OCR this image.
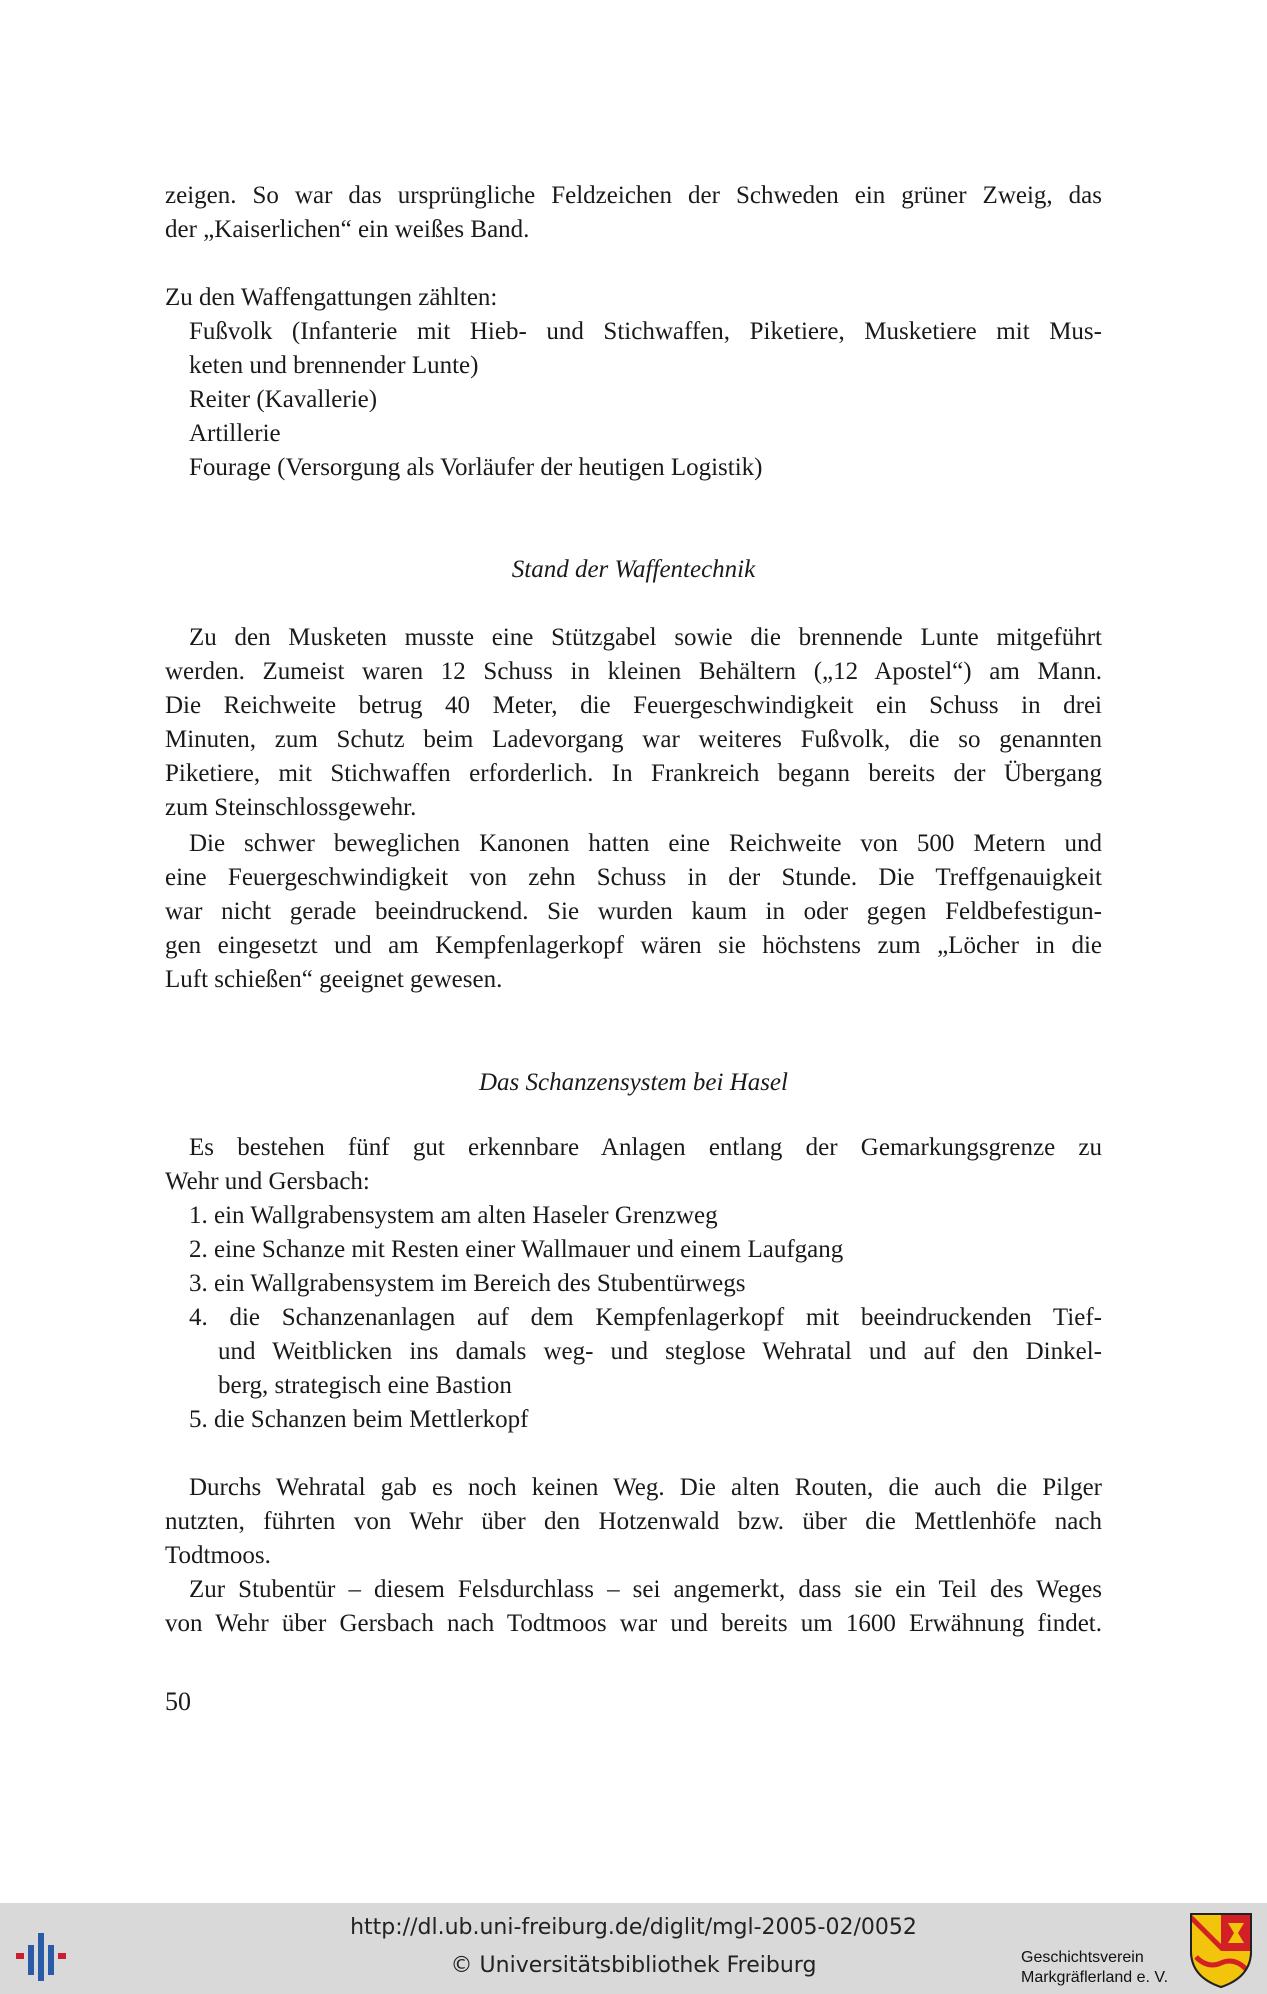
zeigen. So war das ursprüngliche Feldzeichen der Schweden ein grüner Zweig, das
der „Kaiserlichen“ ein weißes Band.
Zu den Waffengattungen zählten:
Fußvolk (Infanterie mit Hieb- und Stichwaffen, Piketiere, Musketiere mit Mus-
keten und brennender Lunte)
Reiter (Kavallerie)
Artillerie
Fourage (Versorgung als Vorläufer der heutigen Logistik)
Stand der Waffentechnik
Zu den Musketen musste eine Stützgabel sowie die brennende Lunte mitgeführt
werden. Zumeist waren 12 Schuss in kleinen Behältern („12 Apostel“) am Mann.
Die Reichweite betrug 40 Meter, die Feuergeschwindigkeit ein Schuss in drei
Minuten, zum Schutz beim Ladevorgang war weiteres Fußvolk, die so genannten
Piketiere, mit Stichwaffen erforderlich. In Frankreich begann bereits der Übergang
zum Steinschlossgewehr.
Die schwer beweglichen Kanonen hatten eine Reichweite von 500 Metern und
eine Feuergeschwindigkeit von zehn Schuss in der Stunde. Die Treffgenauigkeit
war nicht gerade beeindruckend. Sie wurden kaum in oder gegen Feldbefestigun-
gen eingesetzt und am Kempfenlagerkopf wären sie höchstens zum „Löcher in die
Luft schießen“ geeignet gewesen.
Das Schanzensystem bei Hasel
Es bestehen fünf gut erkennbare Anlagen entlang der Gemarkungsgrenze zu
Wehr und Gersbach:
1. ein Wallgrabensystem am alten Haseler Grenzweg
2. eine Schanze mit Resten einer Wallmauer und einem Laufgang
3. ein Wallgrabensystem im Bereich des Stubentürwegs
4. die Schanzenanlagen auf dem Kempfenlagerkopf mit beeindruckenden Tief-
und Weitblicken ins damals weg- und steglose Wehratal und auf den Dinkel-
berg, strategisch eine Bastion
5. die Schanzen beim Mettlerkopf
Durchs Wehratal gab es noch keinen Weg. Die alten Routen, die auch die Pilger
nutzten, führten von Wehr über den Hotzenwald bzw. über die Mettlenhöfe nach
Todtmoos.
Zur Stubentür – diesem Felsdurchlass – sei angemerkt, dass sie ein Teil des Weges
von Wehr über Gersbach nach Todtmoos war und bereits um 1600 Erwähnung findet.
50
http://dl.ub.uni-freiburg.de/diglit/mgl-2005-02/0052
© Universitätsbibliothek Freiburg	Geschichtsverein
Markgräflerland e. V.
